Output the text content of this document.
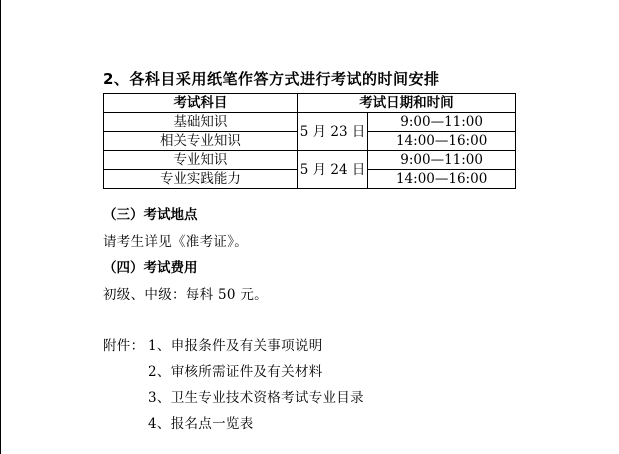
2、各科目采用纸笔作答方式进行考试的时间安排
考试科目	考试日期和时间	
基础知识	5 月 23 日	9:00—11:00
相关专业知识		14:00—16:00
专业知识	5 月 24 日	9:00—11:00
专业实践能力		14:00—16:00
（三）考试地点
请考生详见《准考证》。
（四）考试费用
初级、中级：每科 50 元。
附件： 1、申报条件及有关事项说明
2、审核所需证件及有关材料
3、卫生专业技术资格考试专业目录
4、报名点一览表
